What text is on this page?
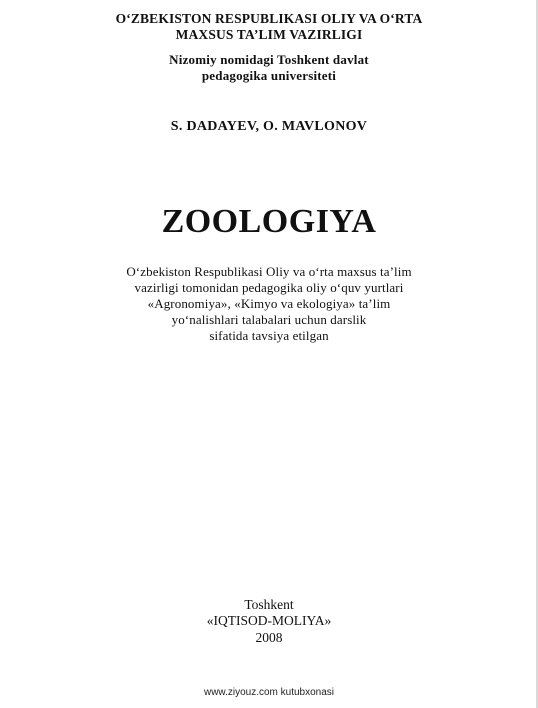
O‘ZBEKISTON RESPUBLIKASI OLIY VA O‘RTA
MAXSUS TA’LIM VAZIRLIGI
Nizomiy nomidagi Toshkent davlat
pedagogika universiteti
S. DADAYEV, O. MAVLONOV
ZOOLOGIYA
O‘zbekiston Respublikasi Oliy va o‘rta maxsus ta’lim
vazirligi tomonidan pedagogika oliy o‘quv yurtlari
«Agronomiya», «Kimyo va ekologiya» ta’lim
yo‘nalishlari talabalari uchun darslik
sifatida tavsiya etilgan
Toshkent
«IQTISOD-MOLIYA»
2008
www.ziyouz.com kutubxonasi
